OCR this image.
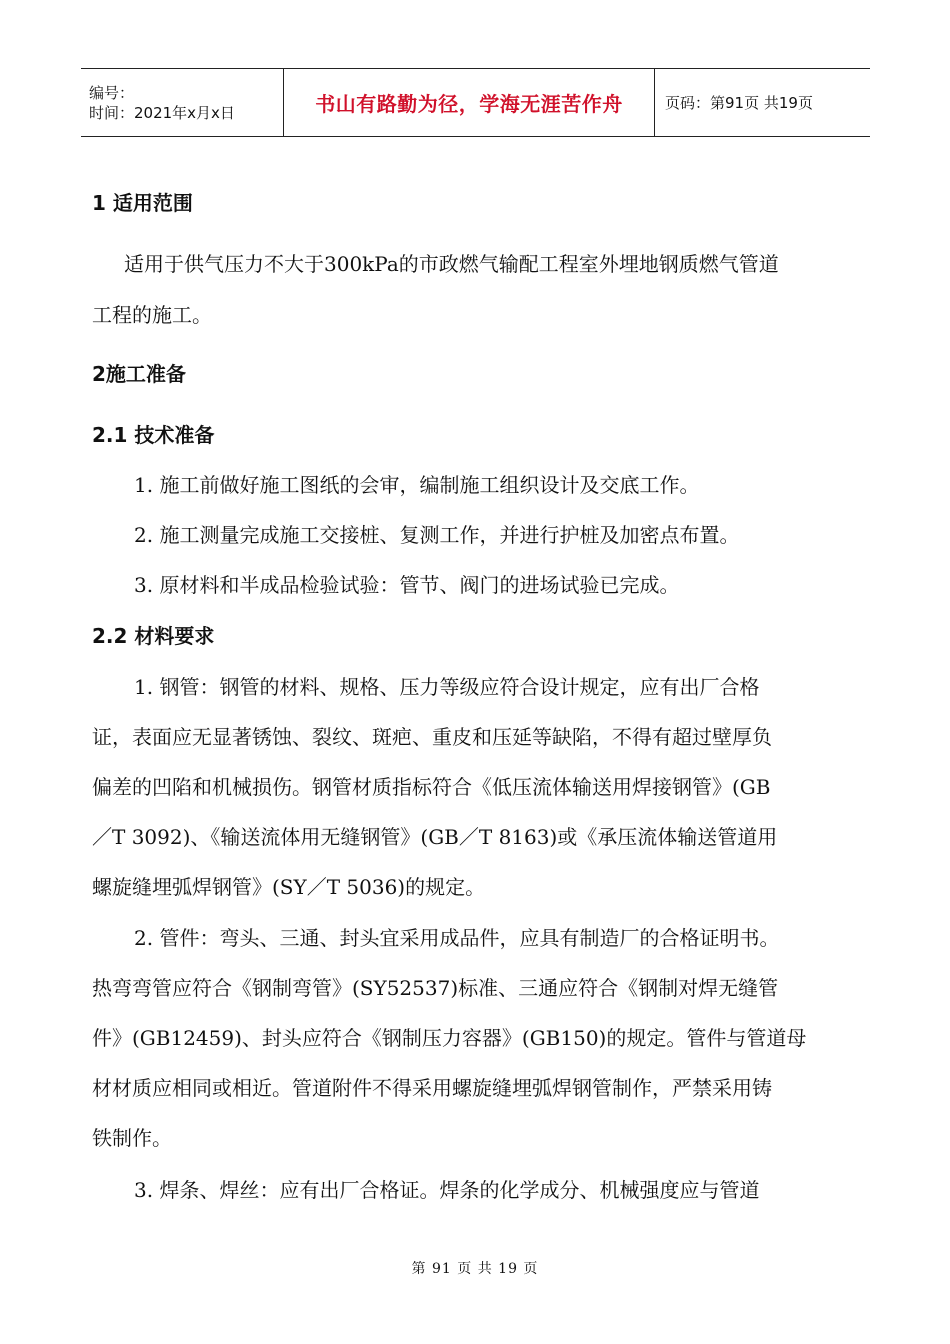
编号：
时间：2021年x月x日	书山有路勤为径，学海无涯苦作舟	页码：第91页 共19页
1 适用范围
适用于供气压力不大于300kPa的市政燃气输配工程室外埋地钢质燃气管道
工程的施工。
2施工准备
2.1 技术准备
1. 施工前做好施工图纸的会审，编制施工组织设计及交底工作。
2. 施工测量完成施工交接桩、复测工作，并进行护桩及加密点布置。
3. 原材料和半成品检验试验：管节、阀门的进场试验已完成。
2.2 材料要求
1. 钢管：钢管的材料、规格、压力等级应符合设计规定，应有出厂合格
证，表面应无显著锈蚀、裂纹、斑疤、重皮和压延等缺陷，不得有超过壁厚负
偏差的凹陷和机械损伤。钢管材质指标符合《低压流体输送用焊接钢管》(GB
／T 3092)、《输送流体用无缝钢管》(GB／T 8163)或《承压流体输送管道用
螺旋缝埋弧焊钢管》(SY／T 5036)的规定。
2. 管件：弯头、三通、封头宜采用成品件，应具有制造厂的合格证明书。
热弯弯管应符合《钢制弯管》(SY52537)标准、三通应符合《钢制对焊无缝管
件》(GB12459)、封头应符合《钢制压力容器》(GB150)的规定。管件与管道母
材材质应相同或相近。管道附件不得采用螺旋缝埋弧焊钢管制作，严禁采用铸
铁制作。
3. 焊条、焊丝：应有出厂合格证。焊条的化学成分、机械强度应与管道
第 91 页 共 19 页
